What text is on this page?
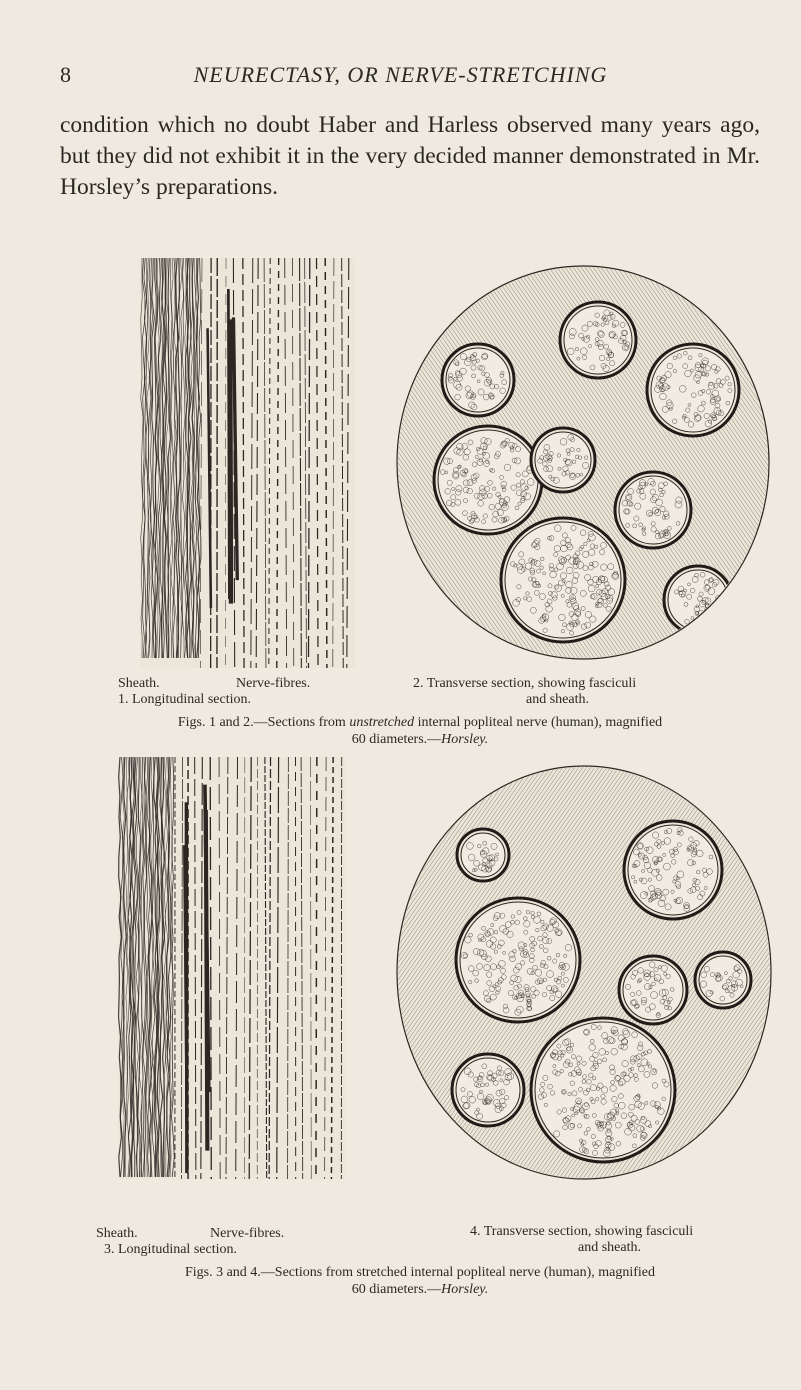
8	NEURECTASY, OR NERVE-STRETCHING
condition which no doubt Haber and Harless observed many years ago, but they did not exhibit it in the very decided manner demonstrated in Mr. Horsley’s preparations.
Sheath.	Nerve-fibres.
1. Longitudinal section.
2. Transverse section, showing fasciculi
and sheath.
Figs. 1 and 2.—Sections from unstretched internal popliteal nerve (human), magnified
60 diameters.—Horsley.
Sheath.	Nerve-fibres.
3. Longitudinal section.
4. Transverse section, showing fasciculi
and sheath.
Figs. 3 and 4.—Sections from stretched internal popliteal nerve (human), magnified
60 diameters.—Horsley.
